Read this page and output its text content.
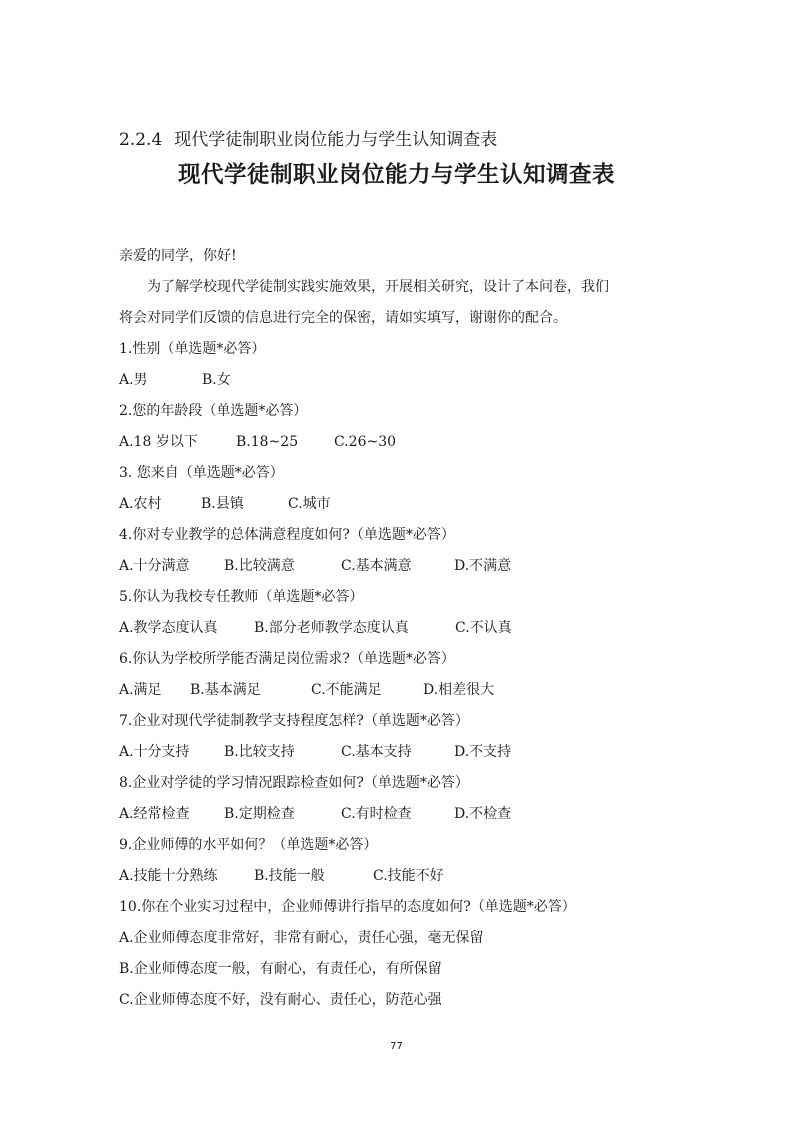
2.2.4 现代学徒制职业岗位能力与学生认知调查表
现代学徒制职业岗位能力与学生认知调查表
亲爱的同学，你好!
为了解学校现代学徒制实践实施效果，开展相关研究，设计了本问卷，我们
将会对同学们反馈的信息进行完全的保密，请如实填写，谢谢你的配合。
1.性别（单选题*必答）
A.男	B.女
2.您的年龄段（单选题*必答）
A.18 岁以下	B.18~25	C.26~30
3. 您来自（单选题*必答）
A.农村	B.县镇	C.城市
4.你对专业教学的总体满意程度如何?（单选题*必答）
A.十分满意 B.比较满意	C.基本满意	D.不满意
5.你认为我校专任教师（单选题*必答）
A.教学态度认真	B.部分老师教学态度认真	C.不认真
6.你认为学校所学能否满足岗位需求?（单选题*必答）
A.满足 B.基本满足	C.不能满足	D.相差很大
7.企业对现代学徒制教学支持程度怎样?（单选题*必答）
A.十分支持 B.比较支持	C.基本支持	D.不支持
8.企业对学徒的学习情况跟踪检查如何?（单选题*必答）
A.经常检查 B.定期检查	C.有时检查	D.不检查
9.企业师傅的水平如何？（单选题*必答）
A.技能十分熟练	B.技能一般	C.技能不好
10.你在个业实习过程中，企业师傅讲行指早的态度如何?（单选题*必答）
A.企业师傅态度非常好，非常有耐心，责任心强，毫无保留
B.企业师傅态度一般，有耐心，有责任心，有所保留
C.企业师傅态度不好，没有耐心、责任心，防范心强
77
